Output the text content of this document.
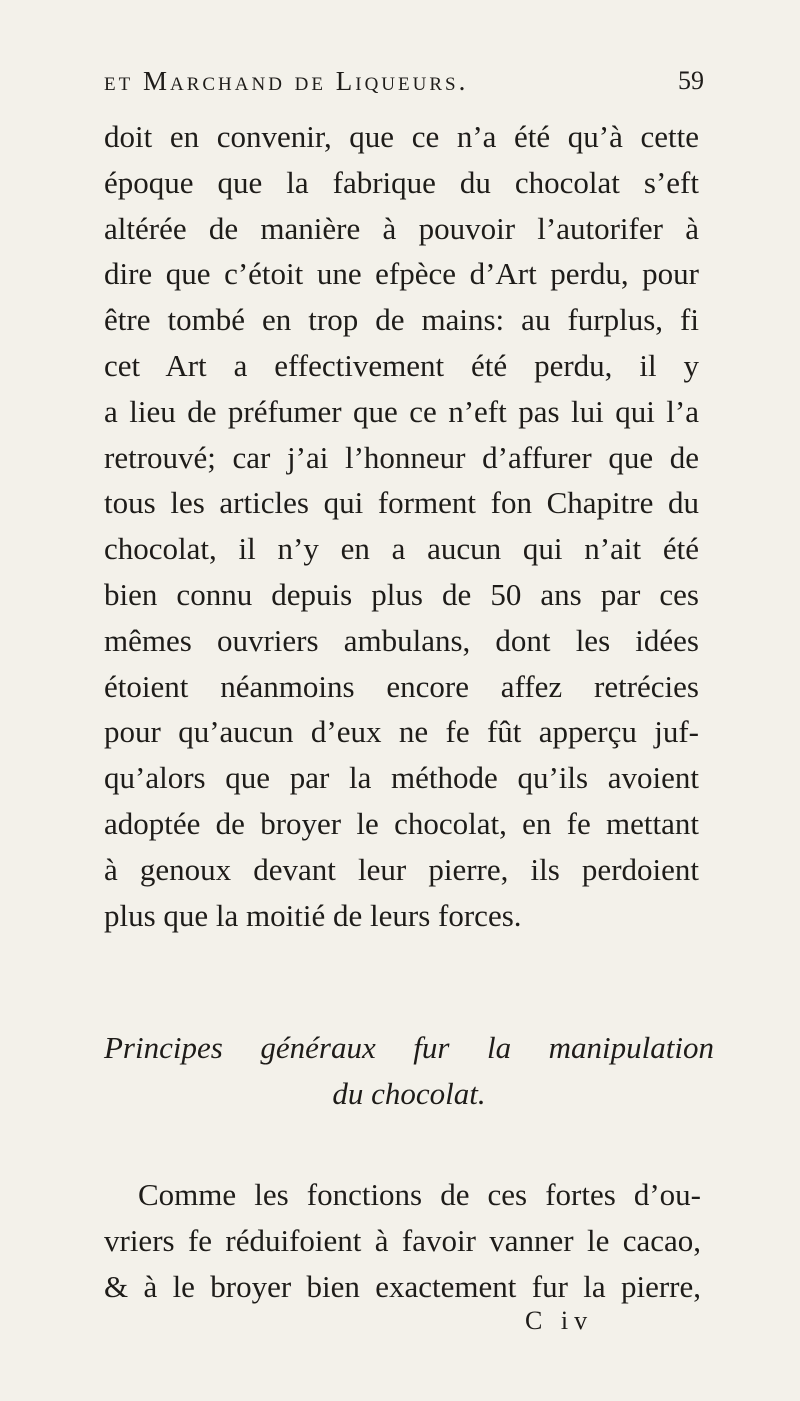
et Marchand de Liqueurs.	59
doit en convenir, que ce n’a été qu’à cette
époque que la fabrique du chocolat s’eft
altérée de manière à pouvoir l’autorifer à
dire que c’étoit une efpèce d’Art perdu, pour
être tombé en trop de mains: au furplus, fi
cet Art a effectivement été perdu, il y
a lieu de préfumer que ce n’eft pas lui qui l’a
retrouvé; car j’ai l’honneur d’affurer que de
tous les articles qui forment fon Chapitre du
chocolat, il n’y en a aucun qui n’ait été
bien connu depuis plus de 50 ans par ces
mêmes ouvriers ambulans, dont les idées
étoient néanmoins encore affez retrécies
pour qu’aucun d’eux ne fe fût apperçu juf-
qu’alors que par la méthode qu’ils avoient
adoptée de broyer le chocolat, en fe mettant
à genoux devant leur pierre, ils perdoient
plus que la moitié de leurs forces.
Principes généraux fur la manipulation
du chocolat.
Comme les fonctions de ces fortes d’ou-
vriers fe réduifoient à favoir vanner le cacao,
& à le broyer bien exactement fur la pierre,
C iv
